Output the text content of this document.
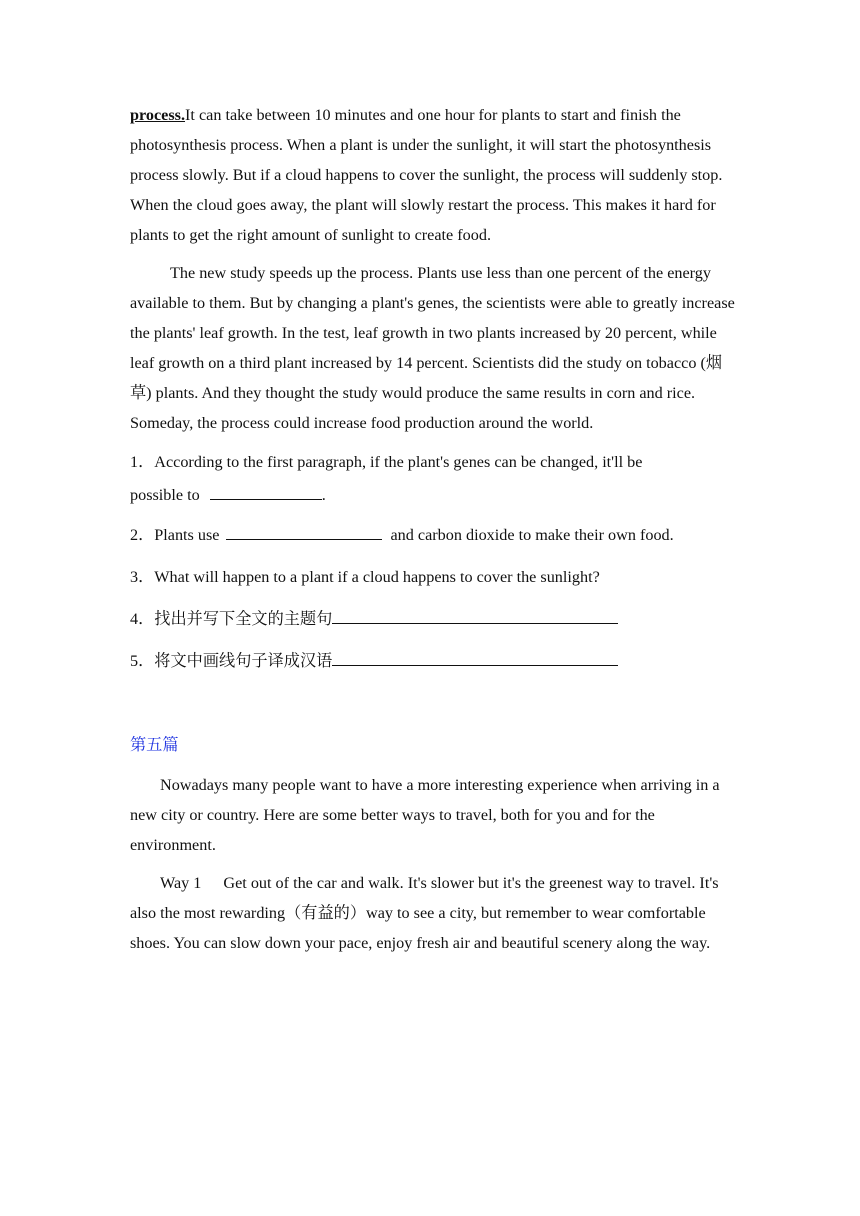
process.It can take between 10 minutes and one hour for plants to start and finish the photosynthesis process. When a plant is under the sunlight, it will start the photosynthesis process slowly. But if a cloud happens to cover the sunlight, the process will suddenly stop. When the cloud goes away, the plant will slowly restart the process. This makes it hard for plants to get the right amount of sunlight to create food.

The new study speeds up the process. Plants use less than one percent of the energy available to them. But by changing a plant's genes, the scientists were able to greatly increase the plants' leaf growth. In the test, leaf growth in two plants increased by 20 percent, while leaf growth on a third plant increased by 14 percent. Scientists did the study on tobacco (烟草) plants. And they thought the study would produce the same results in corn and rice. Someday, the process could increase food production around the world.

1．According to the first paragraph, if the plant's genes can be changed, it'll be

possible to	.

2．Plants use	and carbon dioxide to make their own food.

3．What will happen to a plant if a cloud happens to cover the sunlight?

4．找出并写下全文的主题句

5．将文中画线句子译成汉语

第五篇

Nowadays many people want to have a more interesting experience when arriving in a new city or country. Here are some better ways to travel, both for you and for the environment.

Way 1 Get out of the car and walk. It's slower but it's the greenest way to travel. It's also the most rewarding（有益的）way to see a city, but remember to wear comfortable shoes. You can slow down your pace, enjoy fresh air and beautiful scenery along the way.
